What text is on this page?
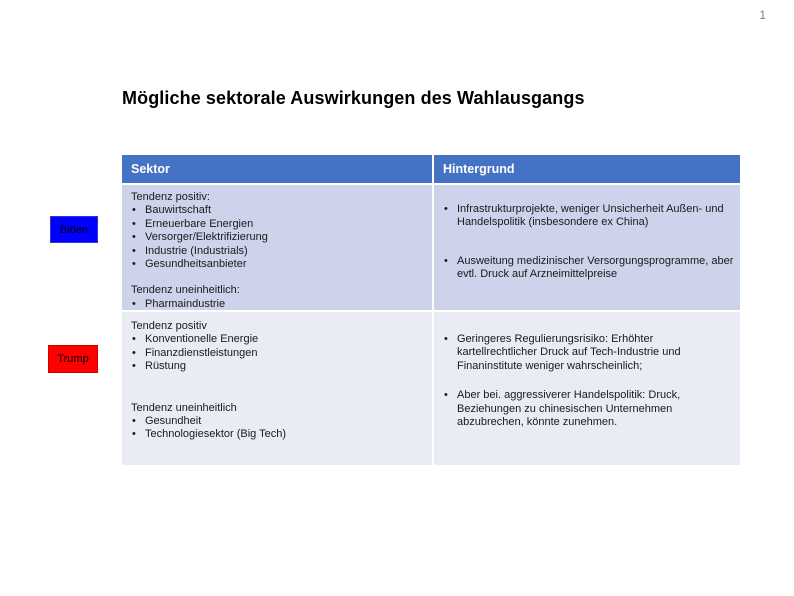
1
Mögliche sektorale Auswirkungen des Wahlausgangs
Biden
Trump
Sektor	Hintergrund
Tendenz positiv:
• Bauwirtschaft
• Erneuerbare Energien
• Versorger/Elektrifizierung
• Industrie (Industrials)
• Gesundheitsanbieter
Tendenz uneinheitlich:
• Pharmaindustrie
• Infrastrukturprojekte, weniger Unsicherheit Außen- und Handelspolitik (insbesondere ex China)
• Ausweitung medizinischer Versorgungsprogramme, aber evtl. Druck auf Arzneimittelpreise
Tendenz positiv
• Konventionelle Energie
• Finanzdienstleistungen
• Rüstung
Tendenz uneinheitlich
• Gesundheit
• Technologiesektor (Big Tech)
• Geringeres Regulierungsrisiko: Erhöhter kartellrechtlicher Druck auf Tech-Industrie und Finaninstitute weniger wahrscheinlich;
• Aber bei. aggressiverer Handelspolitik: Druck, Beziehungen zu chinesischen Unternehmen abzubrechen, könnte zunehmen.
